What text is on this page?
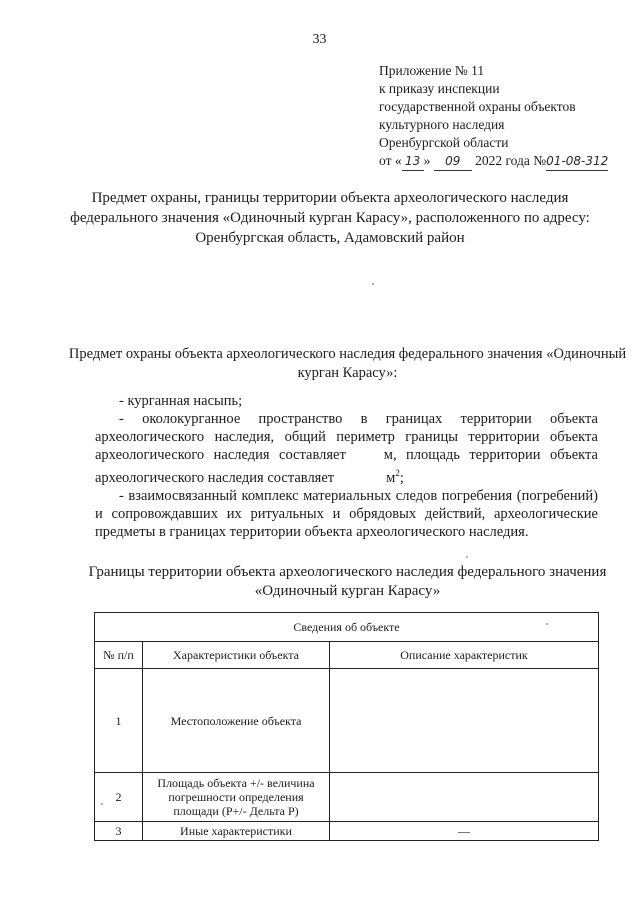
33
Приложение № 11
к приказу инспекции
государственной охраны объектов
культурного наследия
Оренбургской области
от « 13 » 09 2022 года №01-08-312
Предмет охраны, границы территории объекта археологического наследия федерального значения «Одиночный курган Карасу», расположенного по адресу: Оренбургская область, Адамовский район
Предмет охраны объекта археологического наследия федерального значения «Одиночный курган Карасу»:

- курганная насыпь;

- околокурганное пространство в границах территории объекта археологического наследия, общий периметр границы территории объекта археологического наследия составляет	м, площадь территории объекта археологического наследия составляет	$м^2$;

- взаимосвязанный комплекс материальных следов погребения (погребений) и сопровождавших их ритуальных и обрядовых действий, археологические предметы в границах территории объекта археологического наследия.

Границы территории объекта археологического наследия федерального значения «Одиночный курган Карасу»
Сведения об объекте		
№ п/п	Характеристики объекта	Описание характеристик
1	Местоположение объекта	
2	Площадь объекта +/- величина погрешности определения площади (P+/- Дельта P)	
3	Иные характеристики	—
